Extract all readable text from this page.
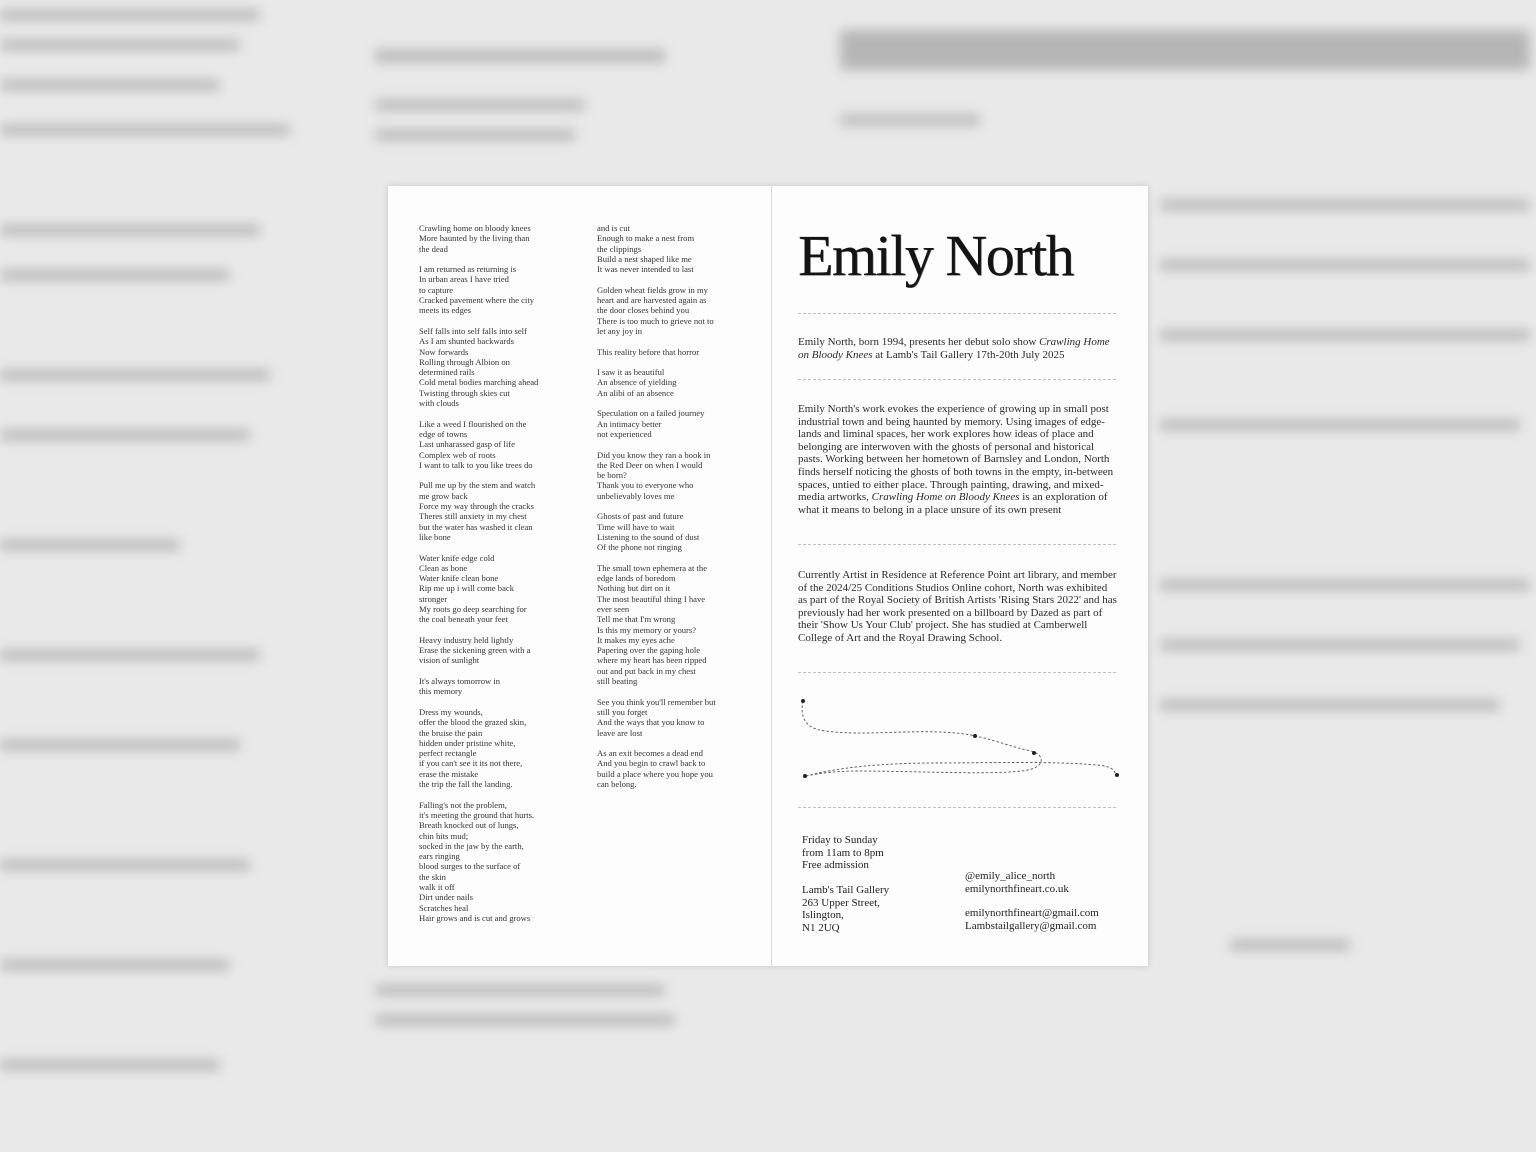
Crawling home on bloody knees
More haunted by the living than
the dead
I am returned as returning is
In urban areas I have tried
to capture
Cracked pavement where the city
meets its edges
Self falls into self falls into self
As I am shunted backwards
Now forwards
Rolling through Albion on
determined rails
Cold metal bodies marching ahead
Twisting through skies cut
with clouds
Like a weed I flourished on the
edge of towns
Last unharassed gasp of life
Complex web of roots
I want to talk to you like trees do
Pull me up by the stem and watch
me grow back
Force my way through the cracks
Theres still anxiety in my chest
but the water has washed it clean
like bone
Water knife edge cold
Clean as bone
Water knife clean bone
Rip me up i will come back
stronger
My roots go deep searching for
the coal beneath your feet
Heavy industry held lightly
Erase the sickening green with a
vision of sunlight
It's always tomorrow in
this memory
Dress my wounds,
offer the blood the grazed skin,
the bruise the pain
hidden under pristine white,
perfect rectangle
if you can't see it its not there,
erase the mistake
the trip the fall the landing.
Falling's not the problem,
it's meeting the ground that hurts.
Breath knocked out of lungs,
chin hits mud;
socked in the jaw by the earth,
ears ringing
blood surges to the surface of
the skin
walk it off
Dirt under nails
Scratches heal
Hair grows and is cut and grows
and is cut
Enough to make a nest from
the clippings
Build a nest shaped like me
It was never intended to last
Golden wheat fields grow in my
heart and are harvested again as
the door closes behind you
There is too much to grieve not to
let any joy in
This reality before that horror
I saw it as beautiful
An absence of yielding
An alibi of an absence
Speculation on a failed journey
An intimacy better
not experienced
Did you know they ran a book in
the Red Deer on when I would
be born?
Thank you to everyone who
unbelievably loves me
Ghosts of past and future
Time will have to wait
Listening to the sound of dust
Of the phone not ringing
The small town ephemera at the
edge lands of boredom
Nothing but dirt on it
The most beautiful thing I have
ever seen
Tell me that I'm wrong
Is this my memory or yours?
It makes my eyes ache
Papering over the gaping hole
where my heart has been ripped
out and put back in my chest
still beating
See you think you'll remember but
still you forget
And the ways that you know to
leave are lost
As an exit becomes a dead end
And you begin to crawl back to
build a place where you hope you
can belong.
Emily North
Emily North, born 1994, presents her debut solo show Crawling Home on Bloody Knees at Lamb's Tail Gallery 17th-20th July 2025
Emily North's work evokes the experience of growing up in small post industrial town and being haunted by memory. Using images of edge-lands and liminal spaces, her work explores how ideas of place and belonging are interwoven with the ghosts of personal and historical pasts. Working between her hometown of Barnsley and London, North finds herself noticing the ghosts of both towns in the empty, in-between spaces, untied to either place. Through painting, drawing, and mixed-media artworks, Crawling Home on Bloody Knees is an exploration of what it means to belong in a place unsure of its own present
Currently Artist in Residence at Reference Point art library, and member of the 2024/25 Conditions Studios Online cohort, North was exhibited as part of the Royal Society of British Artists 'Rising Stars 2022' and has previously had her work presented on a billboard by Dazed as part of their 'Show Us Your Club' project. She has studied at Camberwell College of Art and the Royal Drawing School.
Friday to Sunday
from 11am to 8pm
Free admission
Lamb's Tail Gallery
263 Upper Street,
Islington,
N1 2UQ
@emily_alice_north
emilynorthfineart.co.uk
emilynorthfineart@gmail.com
Lambstailgallery@gmail.com
